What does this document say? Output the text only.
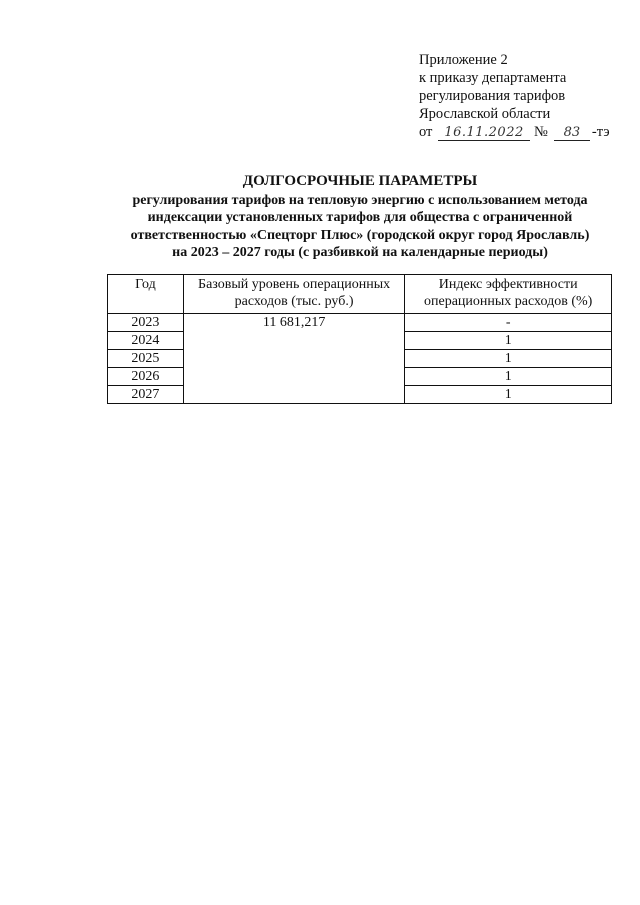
Приложение 2
к приказу департамента
регулирования тарифов
Ярославской области
от 16.11.2022 № 83 -тэ
ДОЛГОСРОЧНЫЕ ПАРАМЕТРЫ
регулирования тарифов на тепловую энергию с использованием метода
индексации установленных тарифов для общества с ограниченной
ответственностью «Спецторг Плюс» (городской округ город Ярославль)
на 2023 – 2027 годы (с разбивкой на календарные периоды)
Год	Базовый уровень операционных расходов (тыс. руб.)	Индекс эффективности операционных расходов (%)
2023	11 681,217	-
2024		1
2025		1
2026		1
2027		1
